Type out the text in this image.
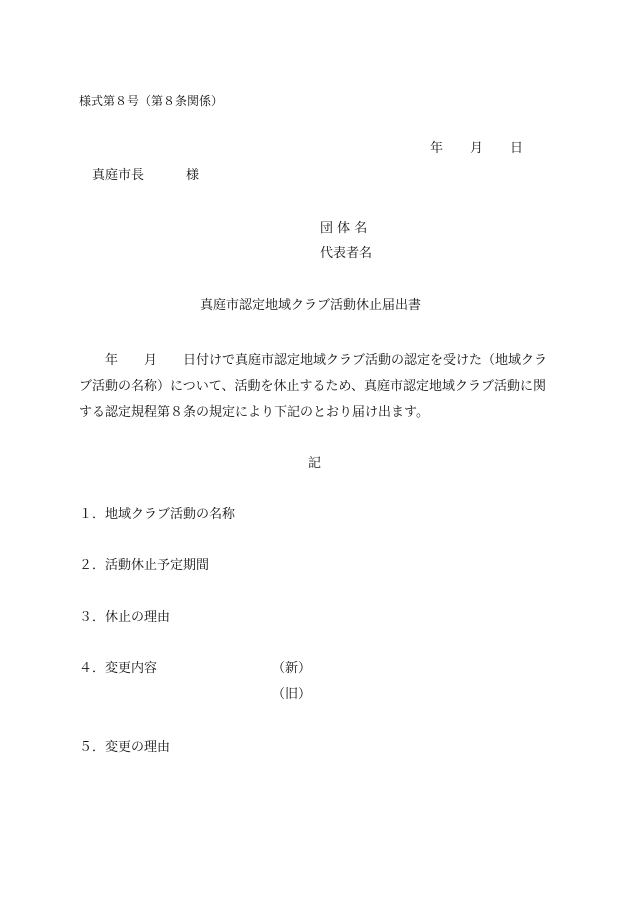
様式第８号（第８条関係）
年 月 日
真庭市長	様
団 体 名
代表者名
真庭市認定地域クラブ活動休止届出書
年 月 日付けで真庭市認定地域クラブ活動の認定を受けた（地域クラブ活動の名称）について、活動を休止するため、真庭市認定地域クラブ活動に関する認定規程第８条の規定により下記のとおり届け出ます。
記
１． 地域クラブ活動の名称
２． 活動休止予定期間
３． 休止の理由
４． 変更内容	（新）
（旧）
５． 変更の理由
